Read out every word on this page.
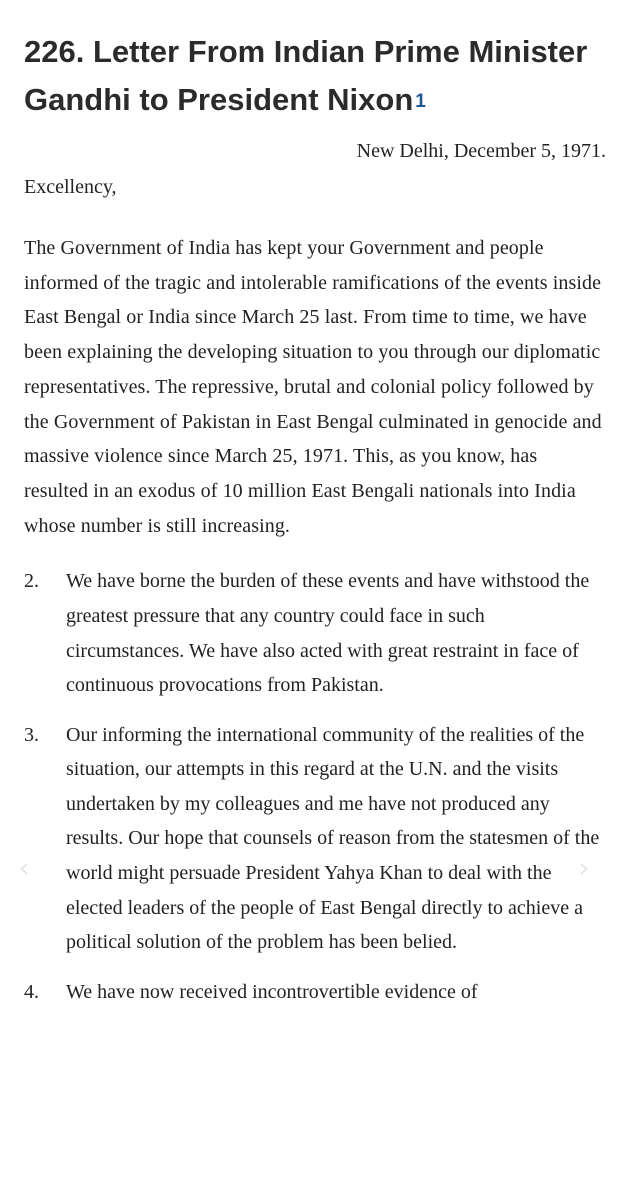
226. Letter From Indian Prime Minister Gandhi to President Nixon $^1$
New Delhi, December 5, 1971.
Excellency,

The Government of India has kept your Government and people informed of the tragic and intolerable ramifications of the events inside East Bengal or India since March 25 last. From time to time, we have been explaining the developing situation to you through our diplomatic representatives. The repressive, brutal and colonial policy followed by the Government of Pakistan in East Bengal culminated in genocide and massive violence since March 25, 1971. This, as you know, has resulted in an exodus of 10 million East Bengali nationals into India whose number is still increasing.

2. We have borne the burden of these events and have withstood the greatest pressure that any country could face in such circumstances. We have also acted with great restraint in face of continuous provocations from Pakistan.
3. Our informing the international community of the realities of the situation, our attempts in this regard at the U.N. and the visits undertaken by my colleagues and me have not produced any results. Our hope that counsels of reason from the statesmen of the world might persuade President Yahya Khan to deal with the elected leaders of the people of East Bengal directly to achieve a political solution of the problem has been belied.
4. We have now received incontrovertible evidence of
‹	›
